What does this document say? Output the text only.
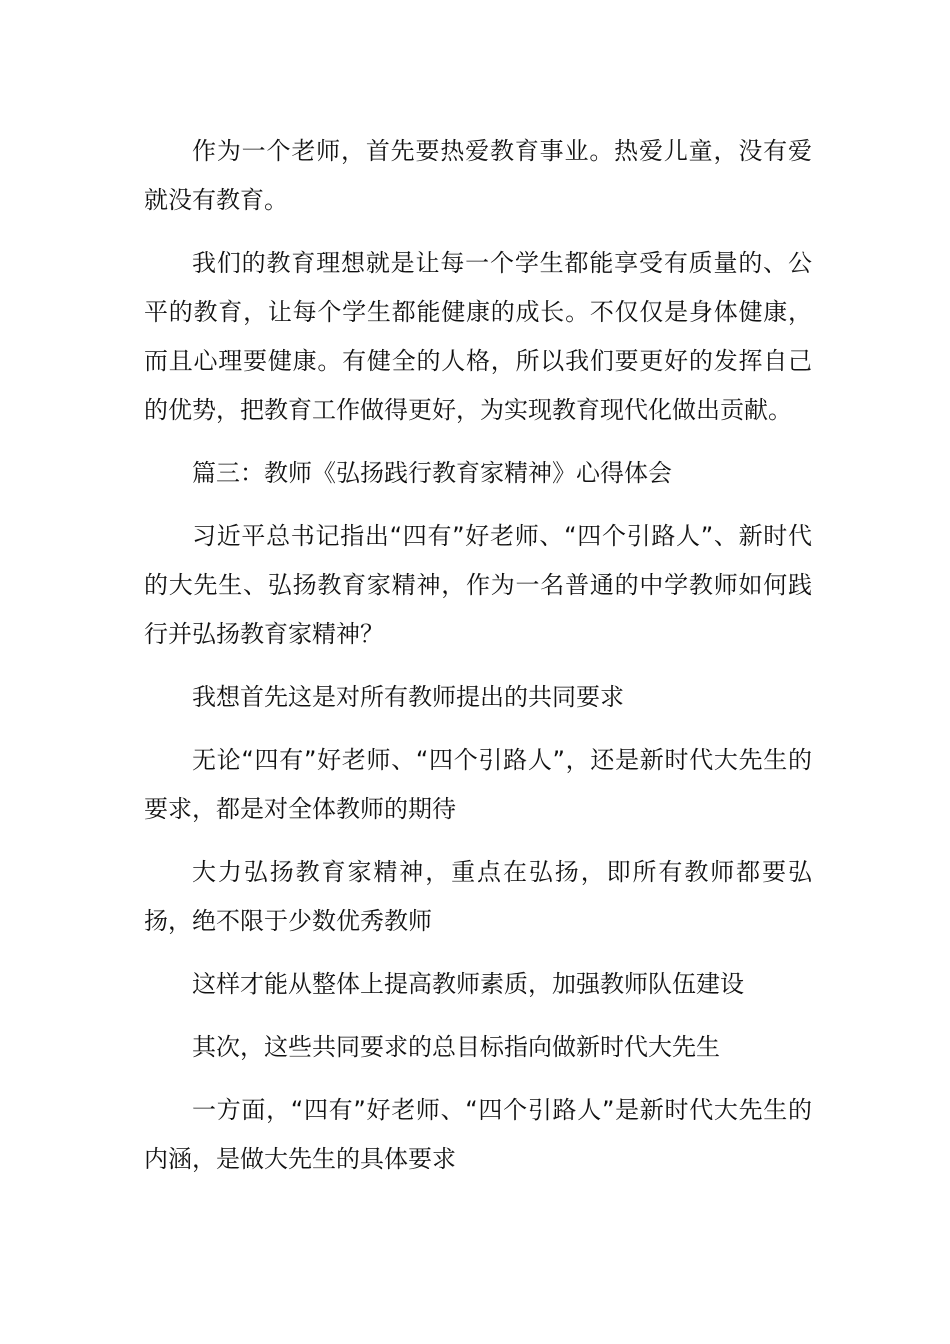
作为一个老师，首先要热爱教育事业。热爱儿童，没有爱就没有教育。

我们的教育理想就是让每一个学生都能享受有质量的、公平的教育，让每个学生都能健康的成长。不仅仅是身体健康，而且心理要健康。有健全的人格，所以我们要更好的发挥自己的优势，把教育工作做得更好，为实现教育现代化做出贡献。

篇三：教师《弘扬践行教育家精神》心得体会

习近平总书记指出“四有”好老师、“四个引路人”、新时代的大先生、弘扬教育家精神，作为一名普通的中学教师如何践行并弘扬教育家精神？

我想首先这是对所有教师提出的共同要求

无论“四有”好老师、“四个引路人”，还是新时代大先生的要求，都是对全体教师的期待

大力弘扬教育家精神，重点在弘扬，即所有教师都要弘扬，绝不限于少数优秀教师

这样才能从整体上提高教师素质，加强教师队伍建设

其次，这些共同要求的总目标指向做新时代大先生

一方面，“四有”好老师、“四个引路人”是新时代大先生的内涵，是做大先生的具体要求
